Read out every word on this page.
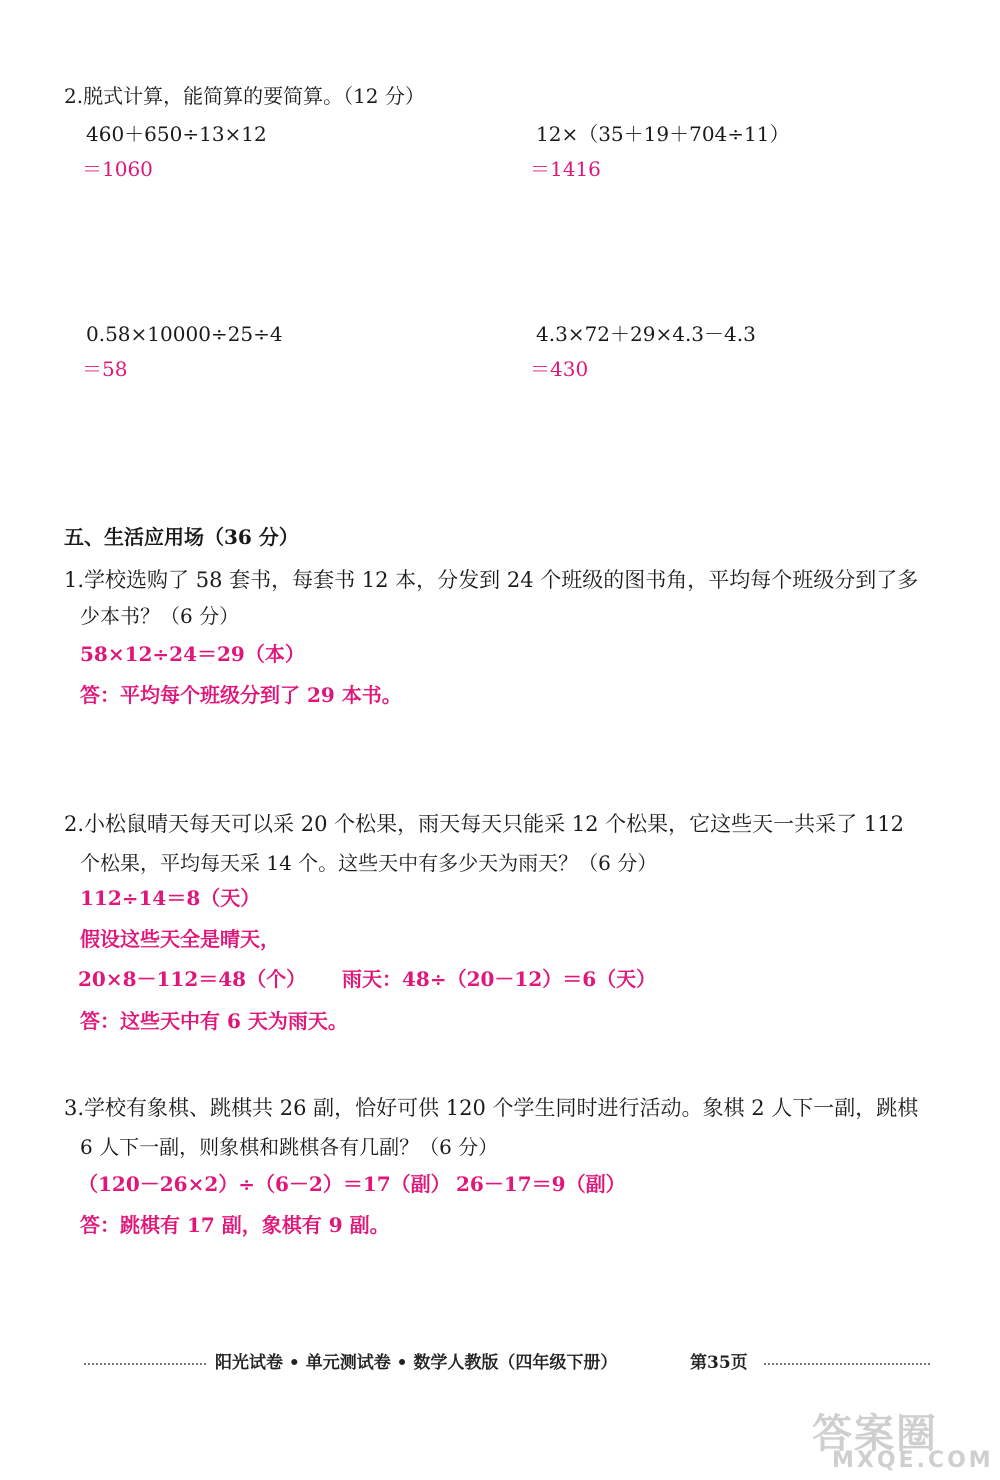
2.脱式计算，能简算的要简算。（12 分）
460＋650÷13×12
＝1060
12×（35＋19＋704÷11）
＝1416
0.58×10000÷25÷4
＝58
4.3×72＋29×4.3－4.3
＝430
五、生活应用场（36 分）
1.学校选购了 58 套书，每套书 12 本，分发到 24 个班级的图书角，平均每个班级分到了多
少本书？（6 分）
58×12÷24＝29（本）
答：平均每个班级分到了 29 本书。
2.小松鼠晴天每天可以采 20 个松果，雨天每天只能采 12 个松果，它这些天一共采了 112
个松果，平均每天采 14 个。这些天中有多少天为雨天？（6 分）
112÷14＝8（天）
假设这些天全是晴天，
20×8－112＝48（个） 雨天：48÷（20－12）＝6（天）
答：这些天中有 6 天为雨天。
3.学校有象棋、跳棋共 26 副，恰好可供 120 个学生同时进行活动。象棋 2 人下一副，跳棋
6 人下一副，则象棋和跳棋各有几副？（6 分）
（120－26×2）÷（6－2）＝17（副） 26－17＝9（副）
答：跳棋有 17 副，象棋有 9 副。
阳光试卷 • 单元测试卷 • 数学人教版（四年级下册）	第35页
答案圈
MXQE.COM
